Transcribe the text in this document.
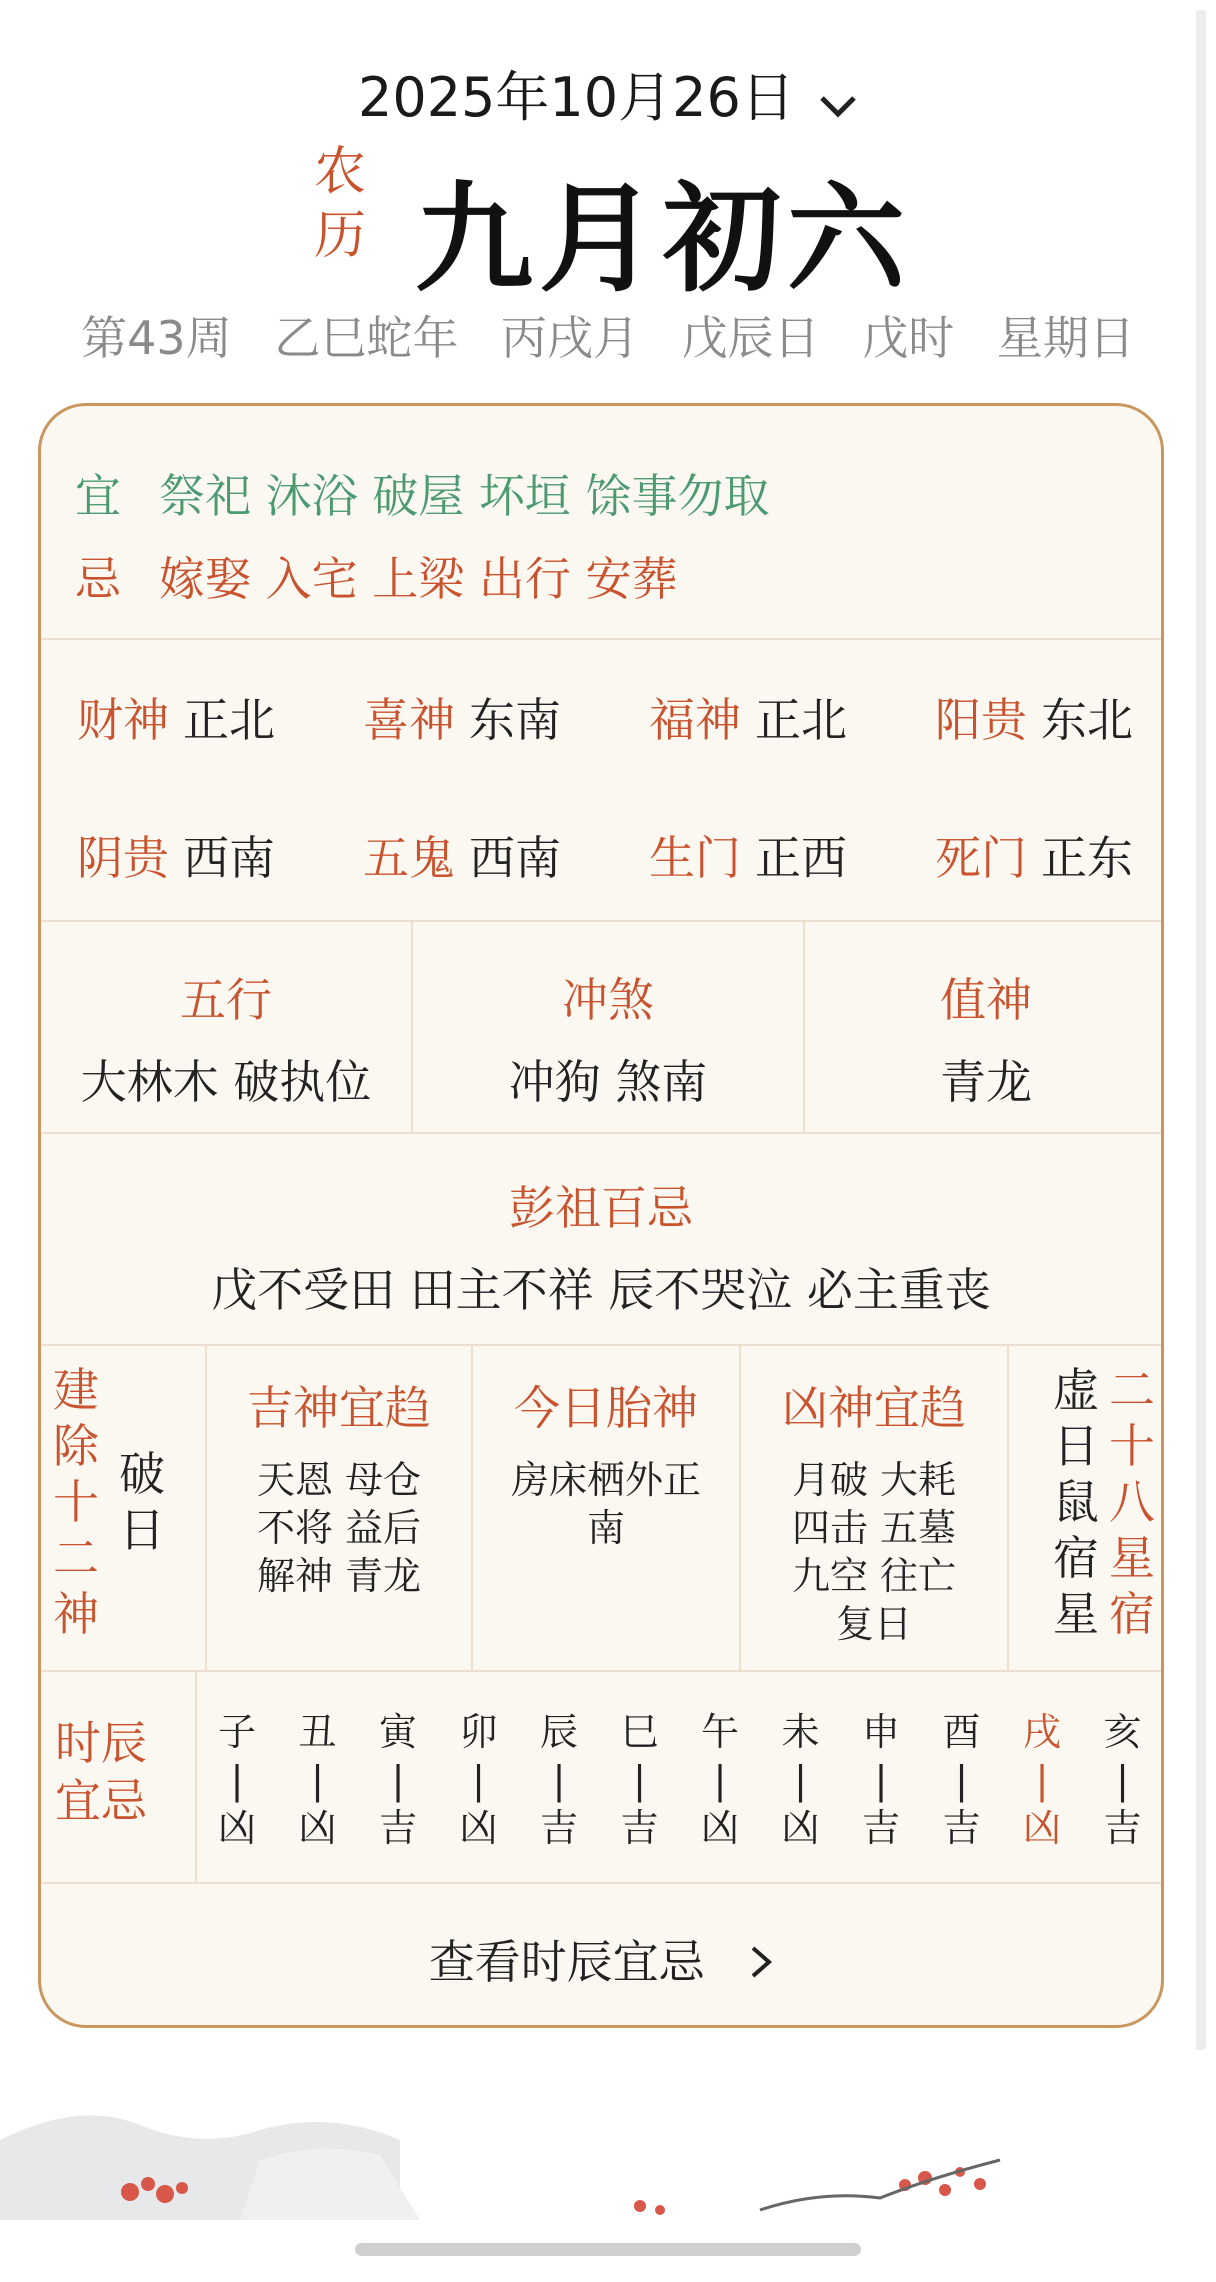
2025年10月26日
农
历 九月初六
第43周 乙巳蛇年 丙戌月 戊辰日 戊时 星期日
宜 祭祀 沐浴 破屋 坏垣 馀事勿取
忌 嫁娶 入宅 上梁 出行 安葬
财神 正北 喜神 东南 福神 正北 阳贵 东北
阴贵 西南 五鬼 西南 生门 正西 死门 正东
五行
大林木 破执位
冲煞
冲狗 煞南
值神
青龙
彭祖百忌
戊不受田 田主不祥 辰不哭泣 必主重丧
建
除
十
二
神
破
日
吉神宜趋
天恩 母仓
不将 益后
解神 青龙
今日胎神
房床栖外正
南
凶神宜趋
月破 大耗
四击 五墓
九空 往亡
复日
虚
日
鼠
宿
星
二
十
八
星
宿
时辰
宜忌
子
|
凶
丑
|
凶
寅
|
吉
卯
|
凶
辰
|
吉
巳
|
吉
午
|
凶
未
|
凶
申
|
吉
酉
|
吉
戌
|
凶
亥
|
吉
查看时辰宜忌
